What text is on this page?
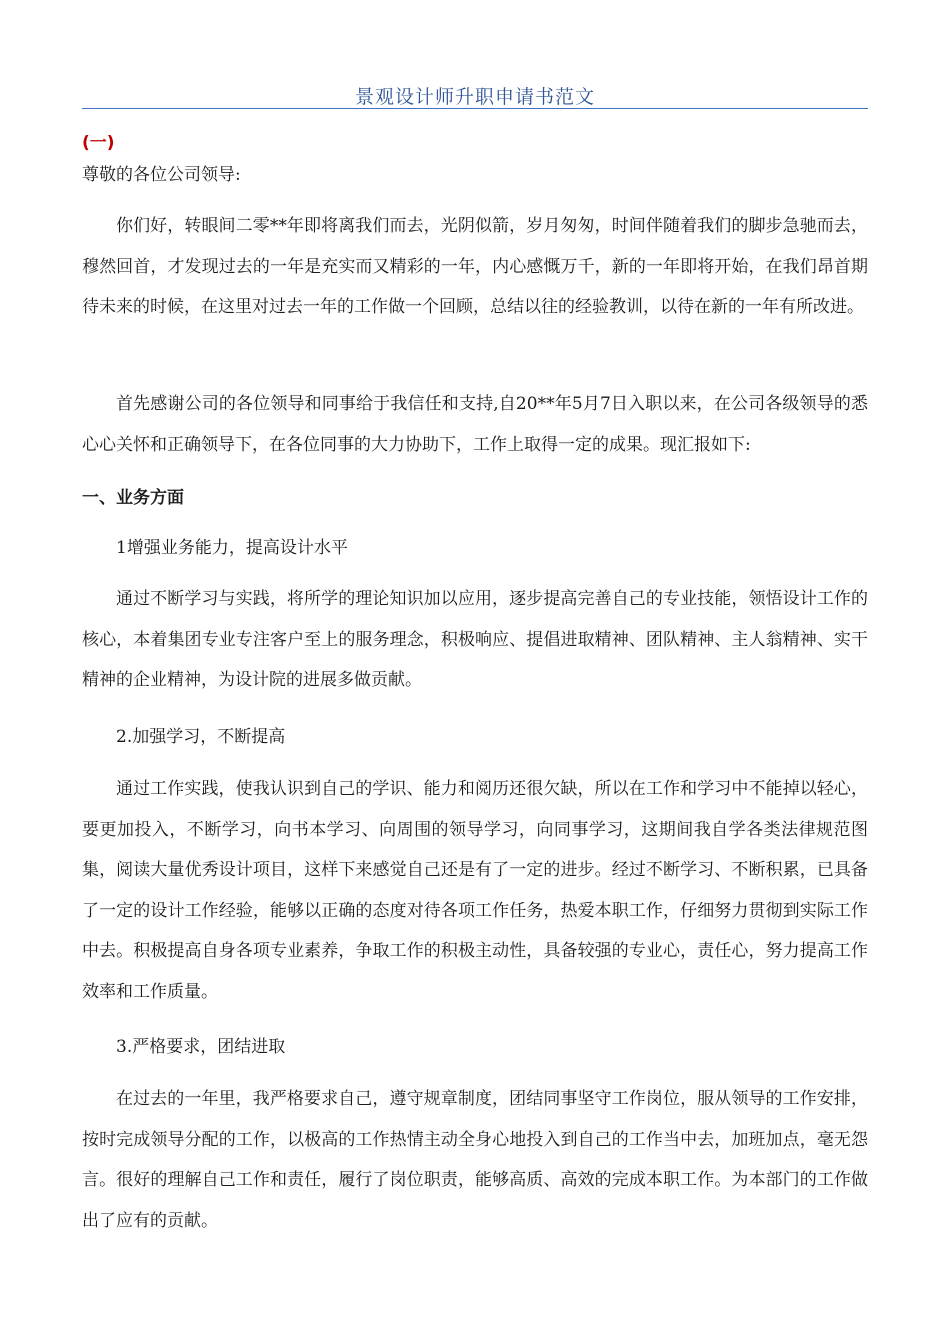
景观设计师升职申请书范文
(一)

尊敬的各位公司领导:

你们好，转眼间二零**年即将离我们而去，光阴似箭，岁月匆匆，时间伴随着我们的脚步急驰而去，穆然回首，才发现过去的一年是充实而又精彩的一年，内心感慨万千，新的一年即将开始，在我们昂首期待未来的时候，在这里对过去一年的工作做一个回顾，总结以往的经验教训，以待在新的一年有所改进。

首先感谢公司的各位领导和同事给于我信任和支持,自20**年5月7日入职以来，在公司各级领导的悉心心关怀和正确领导下，在各位同事的大力协助下，工作上取得一定的成果。现汇报如下:

一、业务方面

1增强业务能力，提高设计水平

通过不断学习与实践，将所学的理论知识加以应用，逐步提高完善自己的专业技能，领悟设计工作的核心，本着集团专业专注客户至上的服务理念，积极响应、提倡进取精神、团队精神、主人翁精神、实干精神的企业精神，为设计院的进展多做贡献。

2.加强学习，不断提高

通过工作实践，使我认识到自己的学识、能力和阅历还很欠缺，所以在工作和学习中不能掉以轻心，要更加投入，不断学习，向书本学习、向周围的领导学习，向同事学习，这期间我自学各类法律规范图集，阅读大量优秀设计项目，这样下来感觉自己还是有了一定的进步。经过不断学习、不断积累，已具备了一定的设计工作经验，能够以正确的态度对待各项工作任务，热爱本职工作，仔细努力贯彻到实际工作中去。积极提高自身各项专业素养，争取工作的积极主动性，具备较强的专业心，责任心，努力提高工作效率和工作质量。

3.严格要求，团结进取

在过去的一年里，我严格要求自己，遵守规章制度，团结同事坚守工作岗位，服从领导的工作安排，按时完成领导分配的工作，以极高的工作热情主动全身心地投入到自己的工作当中去，加班加点，毫无怨言。很好的理解自己工作和责任，履行了岗位职责，能够高质、高效的完成本职工作。为本部门的工作做出了应有的贡献。
